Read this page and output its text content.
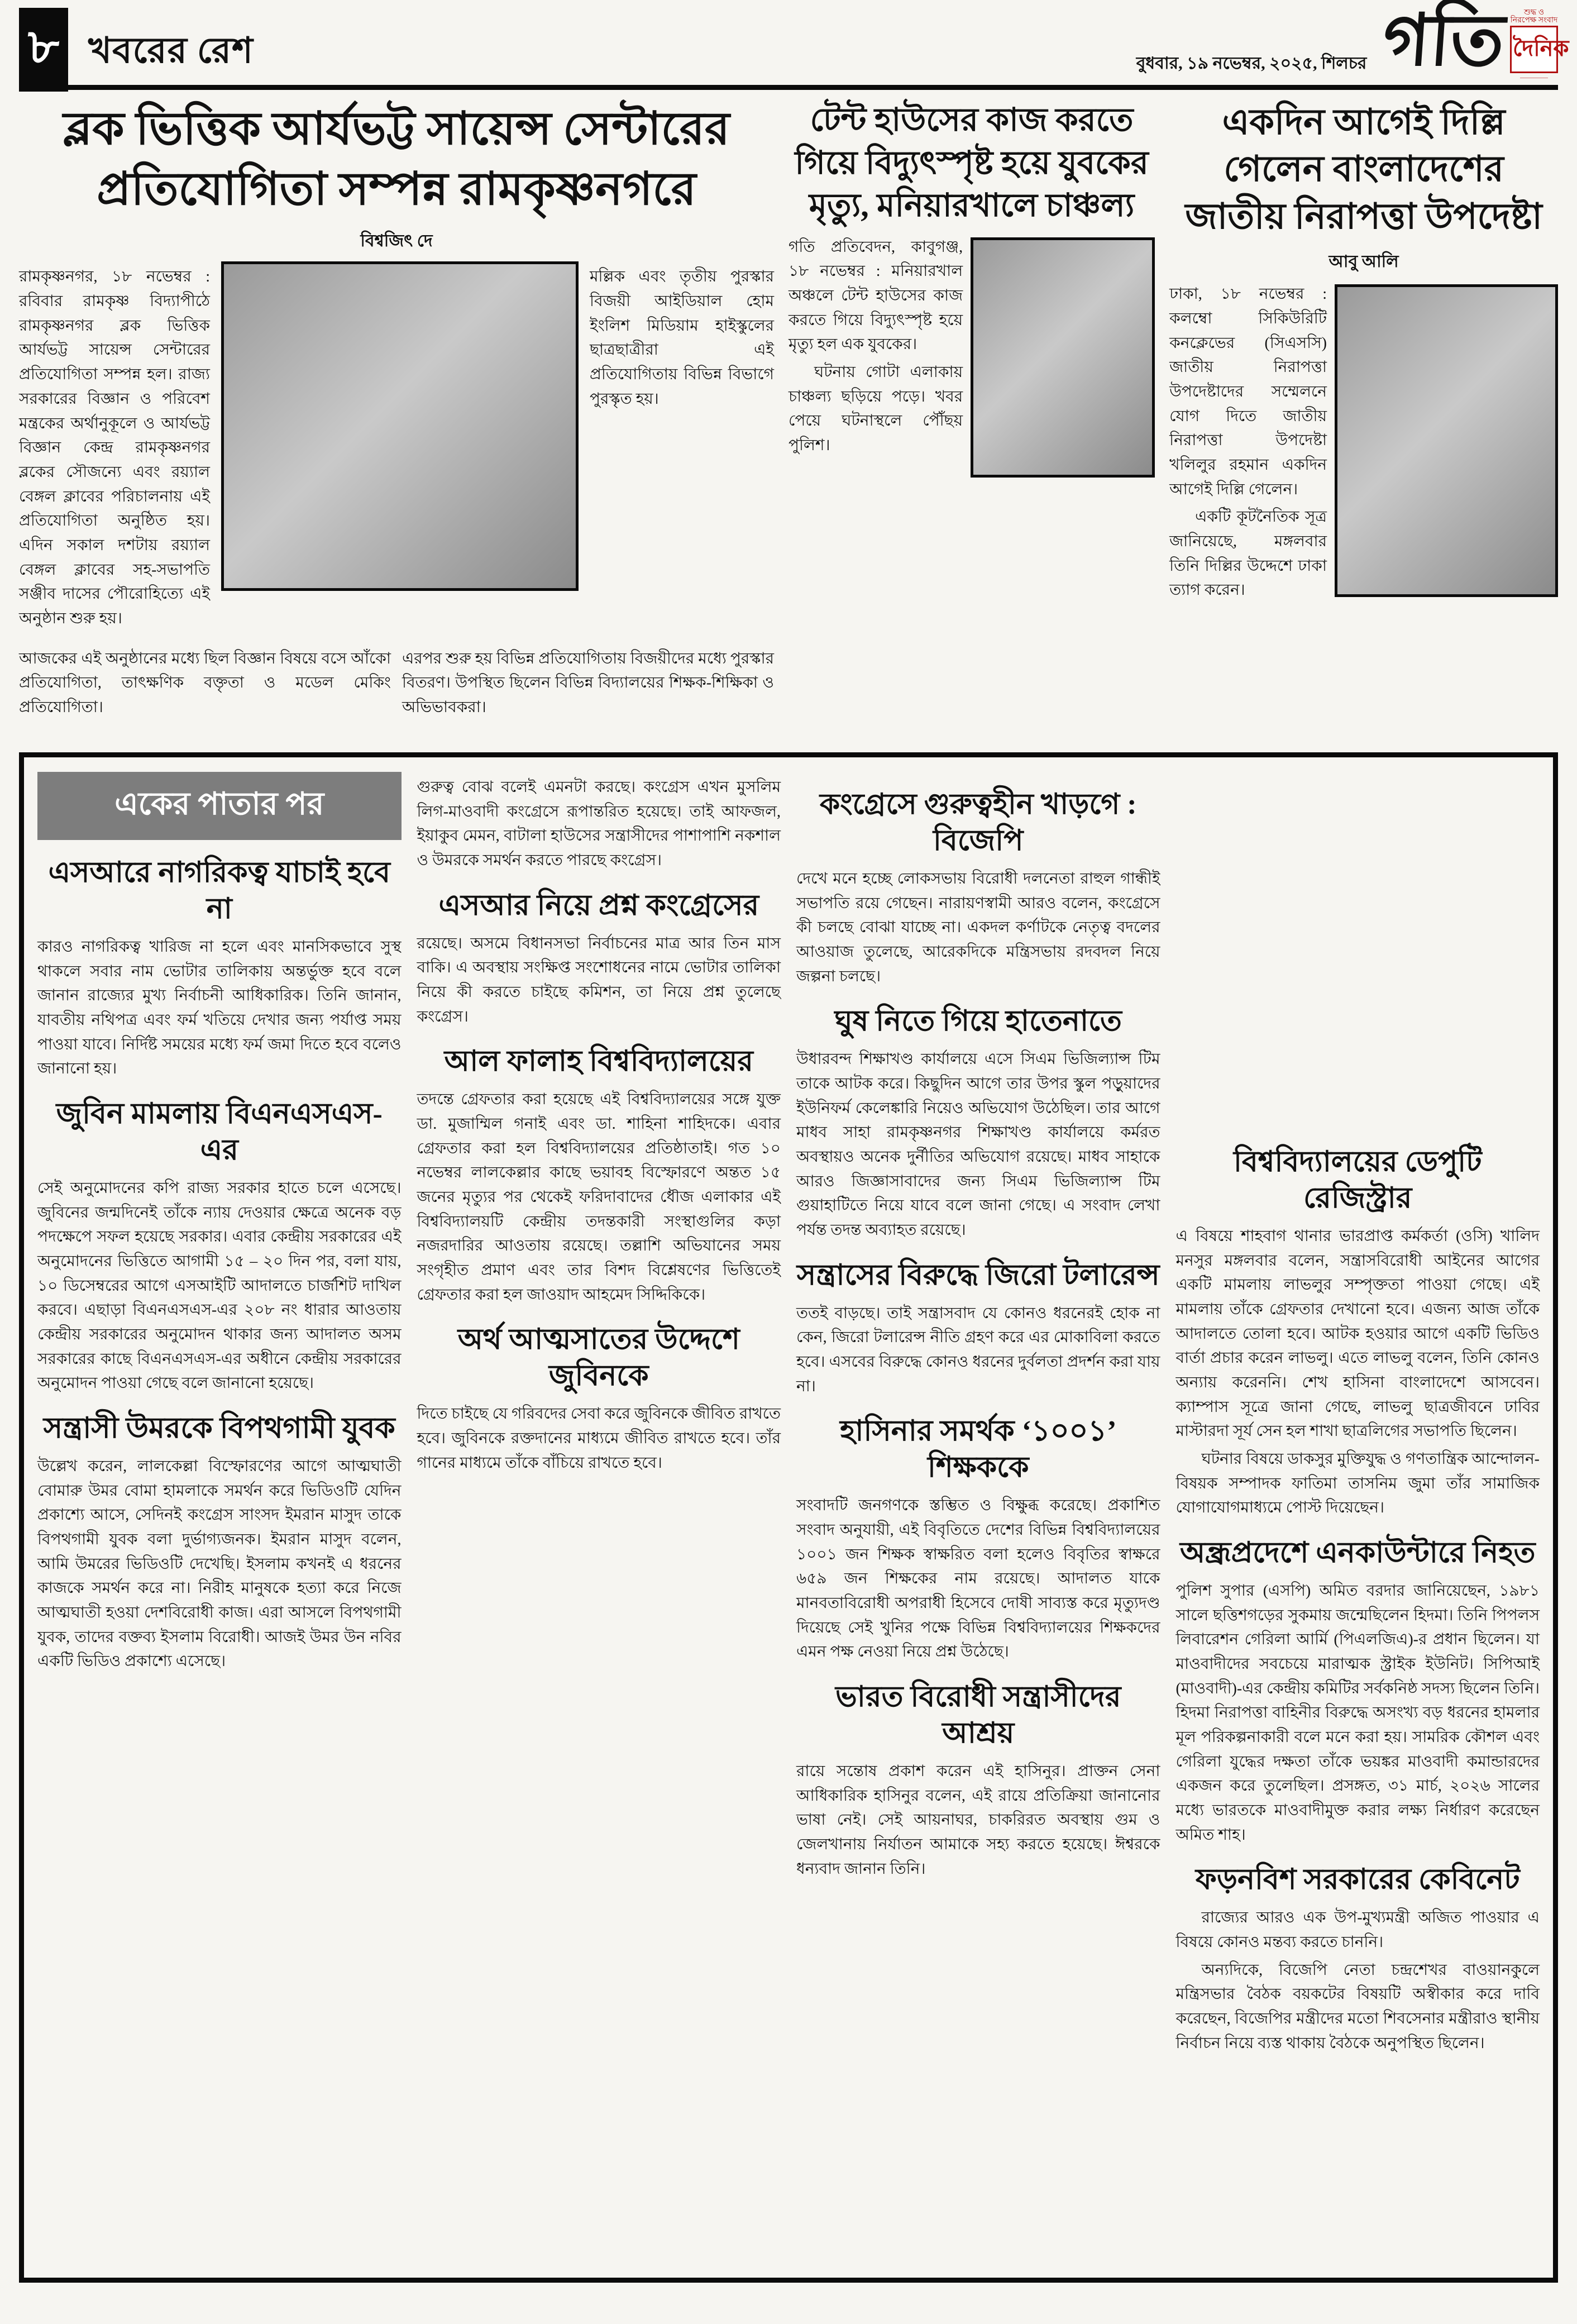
৮ খবরের রেশ	বুধবার, ১৯ নভেম্বর, ২০২৫, শিলচর গতি	শুদ্ধ ও নিরপেক্ষ সংবাদ
দৈনিক
—————
ব্লক ভিত্তিক আর্যভট্ট সায়েন্স সেন্টারের প্রতিযোগিতা সম্পন্ন রামকৃষ্ণনগরে
বিশ্বজিৎ দে

রামকৃষ্ণনগর, ১৮ নভেম্বর : রবিবার রামকৃষ্ণ বিদ্যাপীঠে রামকৃষ্ণনগর ব্লক ভিত্তিক আর্যভট্ট সায়েন্স সেন্টারের প্রতিযোগিতা সম্পন্ন হল। রাজ্য সরকারের বিজ্ঞান ও পরিবেশ মন্ত্রকের অর্থানুকূলে ও আর্যভট্ট বিজ্ঞান কেন্দ্র রামকৃষ্ণনগর ব্লকের সৌজন্যে এবং রয়্যাল বেঙ্গল ক্লাবের পরিচালনায় এই প্রতিযোগিতা অনুষ্ঠিত হয়। এদিন সকাল দশটায় রয়্যাল বেঙ্গল ক্লাবের সহ-সভাপতি সঞ্জীব দাসের পৌরোহিত্যে এই অনুষ্ঠান শুরু হয়।

মল্লিক এবং তৃতীয় পুরস্কার বিজয়ী আইডিয়াল হোম ইংলিশ মিডিয়াম হাইস্কুলের ছাত্রছাত্রীরা এই প্রতিযোগিতায় বিভিন্ন বিভাগে পুরস্কৃত হয়।

আজকের এই অনুষ্ঠানের মধ্যে ছিল বিজ্ঞান বিষয়ে বসে আঁকো প্রতিযোগিতা, তাৎক্ষণিক বক্তৃতা ও মডেল মেকিং প্রতিযোগিতা।

এরপর শুরু হয় বিভিন্ন প্রতিযোগিতায় বিজয়ীদের মধ্যে পুরস্কার বিতরণ। উপস্থিত ছিলেন বিভিন্ন বিদ্যালয়ের শিক্ষক-শিক্ষিকা ও অভিভাবকরা।

টেন্ট হাউসের কাজ করতে গিয়ে বিদ্যুৎস্পৃষ্ট হয়ে যুবকের মৃত্যু, মনিয়ারখালে চাঞ্চল্য

গতি প্রতিবেদন, কাবুগঞ্জ, ১৮ নভেম্বর : মনিয়ারখাল অঞ্চলে টেন্ট হাউসের কাজ করতে গিয়ে বিদ্যুৎস্পৃষ্ট হয়ে মৃত্যু হল এক যুবকের।

ঘটনায় গোটা এলাকায় চাঞ্চল্য ছড়িয়ে পড়ে। খবর পেয়ে ঘটনাস্থলে পৌঁছয় পুলিশ।

একদিন আগেই দিল্লি গেলেন বাংলাদেশের জাতীয় নিরাপত্তা উপদেষ্টা
আবু আলি

ঢাকা, ১৮ নভেম্বর : কলম্বো সিকিউরিটি কনক্লেভের (সিএসসি) জাতীয় নিরাপত্তা উপদেষ্টাদের সম্মেলনে যোগ দিতে জাতীয় নিরাপত্তা উপদেষ্টা খলিলুর রহমান একদিন আগেই দিল্লি গেলেন।

একটি কূটনৈতিক সূত্র জানিয়েছে, মঙ্গলবার তিনি দিল্লির উদ্দেশে ঢাকা ত্যাগ করেন।

একের পাতার পর
এসআরে নাগরিকত্ব যাচাই হবে না

কারও নাগরিকত্ব খারিজ না হলে এবং মানসিকভাবে সুস্থ থাকলে সবার নাম ভোটার তালিকায় অন্তর্ভুক্ত হবে বলে জানান রাজ্যের মুখ্য নির্বাচনী আধিকারিক। তিনি জানান, যাবতীয় নথিপত্র এবং ফর্ম খতিয়ে দেখার জন্য পর্যাপ্ত সময় পাওয়া যাবে। নির্দিষ্ট সময়ের মধ্যে ফর্ম জমা দিতে হবে বলেও জানানো হয়।

জুবিন মামলায় বিএনএসএস-এর

সেই অনুমোদনের কপি রাজ্য সরকার হাতে চলে এসেছে। জুবিনের জন্মদিনেই তাঁকে ন্যায় দেওয়ার ক্ষেত্রে অনেক বড় পদক্ষেপে সফল হয়েছে সরকার। এবার কেন্দ্রীয় সরকারের এই অনুমোদনের ভিত্তিতে আগামী ১৫ – ২০ দিন পর, বলা যায়, ১০ ডিসেম্বরের আগে এসআইটি আদালতে চার্জশিট দাখিল করবে। এছাড়া বিএনএসএস-এর ২০৮ নং ধারার আওতায় কেন্দ্রীয় সরকারের অনুমোদন থাকার জন্য আদালত অসম সরকারের কাছে বিএনএসএস-এর অধীনে কেন্দ্রীয় সরকারের অনুমোদন পাওয়া গেছে বলে জানানো হয়েছে।

সন্ত্রাসী উমরকে বিপথগামী যুবক

উল্লেখ করেন, লালকেল্লা বিস্ফোরণের আগে আত্মঘাতী বোমারু উমর বোমা হামলাকে সমর্থন করে ভিডিওটি যেদিন প্রকাশ্যে আসে, সেদিনই কংগ্রেস সাংসদ ইমরান মাসুদ তাকে বিপথগামী যুবক বলা দুর্ভাগ্যজনক। ইমরান মাসুদ বলেন, আমি উমরের ভিডিওটি দেখেছি। ইসলাম কখনই এ ধরনের কাজকে সমর্থন করে না। নিরীহ মানুষকে হত্যা করে নিজে আত্মঘাতী হওয়া দেশবিরোধী কাজ। এরা আসলে বিপথগামী যুবক, তাদের বক্তব্য ইসলাম বিরোধী। আজই উমর উন নবির একটি ভিডিও প্রকাশ্যে এসেছে।

গুরুত্ব বোঝ বলেই এমনটা করছে। কংগ্রেস এখন মুসলিম লিগ-মাওবাদী কংগ্রেসে রূপান্তরিত হয়েছে। তাই আফজল, ইয়াকুব মেমন, বাটালা হাউসের সন্ত্রাসীদের পাশাপাশি নকশাল ও উমরকে সমর্থন করতে পারছে কংগ্রেস।

এসআর নিয়ে প্রশ্ন কংগ্রেসের

রয়েছে। অসমে বিধানসভা নির্বাচনের মাত্র আর তিন মাস বাকি। এ অবস্থায় সংক্ষিপ্ত সংশোধনের নামে ভোটার তালিকা নিয়ে কী করতে চাইছে কমিশন, তা নিয়ে প্রশ্ন তুলেছে কংগ্রেস।

আল ফালাহ বিশ্ববিদ্যালয়ের

তদন্তে গ্রেফতার করা হয়েছে এই বিশ্ববিদ্যালয়ের সঙ্গে যুক্ত ডা. মুজাম্মিল গনাই এবং ডা. শাহিনা শাহিদকে। এবার গ্রেফতার করা হল বিশ্ববিদ্যালয়ের প্রতিষ্ঠাতাই। গত ১০ নভেম্বর লালকেল্লার কাছে ভয়াবহ বিস্ফোরণে অন্তত ১৫ জনের মৃত্যুর পর থেকেই ফরিদাবাদের ধৌজ এলাকার এই বিশ্ববিদ্যালয়টি কেন্দ্রীয় তদন্তকারী সংস্থাগুলির কড়া নজরদারির আওতায় রয়েছে। তল্লাশি অভিযানের সময় সংগৃহীত প্রমাণ এবং তার বিশদ বিশ্লেষণের ভিত্তিতেই গ্রেফতার করা হল জাওয়াদ আহমেদ সিদ্দিকিকে।

অর্থ আত্মসাতের উদ্দেশে জুবিনকে

দিতে চাইছে যে গরিবদের সেবা করে জুবিনকে জীবিত রাখতে হবে। জুবিনকে রক্তদানের মাধ্যমে জীবিত রাখতে হবে। তাঁর গানের মাধ্যমে তাঁকে বাঁচিয়ে রাখতে হবে।

কংগ্রেসে গুরুত্বহীন খাড়গে : বিজেপি

দেখে মনে হচ্ছে লোকসভায় বিরোধী দলনেতা রাহুল গান্ধীই সভাপতি রয়ে গেছেন। নারায়ণস্বামী আরও বলেন, কংগ্রেসে কী চলছে বোঝা যাচ্ছে না। একদল কর্ণাটকে নেতৃত্ব বদলের আওয়াজ তুলেছে, আরেকদিকে মন্ত্রিসভায় রদবদল নিয়ে জল্পনা চলছে।

ঘুষ নিতে গিয়ে হাতেনাতে

উধারবন্দ শিক্ষাখণ্ড কার্যালয়ে এসে সিএম ভিজিল্যান্স টিম তাকে আটক করে। কিছুদিন আগে তার উপর স্কুল পড়ুয়াদের ইউনিফর্ম কেলেঙ্কারি নিয়েও অভিযোগ উঠেছিল। তার আগে মাধব সাহা রামকৃষ্ণনগর শিক্ষাখণ্ড কার্যালয়ে কর্মরত অবস্থায়ও অনেক দুর্নীতির অভিযোগ রয়েছে। মাধব সাহাকে আরও জিজ্ঞাসাবাদের জন্য সিএম ভিজিল্যান্স টিম গুয়াহাটিতে নিয়ে যাবে বলে জানা গেছে। এ সংবাদ লেখা পর্যন্ত তদন্ত অব্যাহত রয়েছে।

সন্ত্রাসের বিরুদ্ধে জিরো টলারেন্স

ততই বাড়ছে। তাই সন্ত্রাসবাদ যে কোনও ধরনেরই হোক না কেন, জিরো টলারেন্স নীতি গ্রহণ করে এর মোকাবিলা করতে হবে। এসবের বিরুদ্ধে কোনও ধরনের দুর্বলতা প্রদর্শন করা যায় না।

হাসিনার সমর্থক ‘১০০১’ শিক্ষককে

সংবাদটি জনগণকে স্তম্ভিত ও বিক্ষুব্ধ করেছে। প্রকাশিত সংবাদ অনুযায়ী, এই বিবৃতিতে দেশের বিভিন্ন বিশ্ববিদ্যালয়ের ১০০১ জন শিক্ষক স্বাক্ষরিত বলা হলেও বিবৃতির স্বাক্ষরে ৬৫৯ জন শিক্ষকের নাম রয়েছে। আদালত যাকে মানবতাবিরোধী অপরাধী হিসেবে দোষী সাব্যস্ত করে মৃত্যুদণ্ড দিয়েছে সেই খুনির পক্ষে বিভিন্ন বিশ্ববিদ্যালয়ের শিক্ষকদের এমন পক্ষ নেওয়া নিয়ে প্রশ্ন উঠেছে।

ভারত বিরোধী সন্ত্রাসীদের আশ্রয়

রায়ে সন্তোষ প্রকাশ করেন এই হাসিনুর। প্রাক্তন সেনা আধিকারিক হাসিনুর বলেন, এই রায়ে প্রতিক্রিয়া জানানোর ভাষা নেই। সেই আয়নাঘর, চাকরিরত অবস্থায় গুম ও জেলখানায় নির্যাতন আমাকে সহ্য করতে হয়েছে। ঈশ্বরকে ধন্যবাদ জানান তিনি।

বিশ্ববিদ্যালয়ের ডেপুটি রেজিস্ট্রার

এ বিষয়ে শাহবাগ থানার ভারপ্রাপ্ত কর্মকর্তা (ওসি) খালিদ মনসুর মঙ্গলবার বলেন, সন্ত্রাসবিরোধী আইনের আগের একটি মামলায় লাভলুর সম্পৃক্ততা পাওয়া গেছে। এই মামলায় তাঁকে গ্রেফতার দেখানো হবে। এজন্য আজ তাঁকে আদালতে তোলা হবে। আটক হওয়ার আগে একটি ভিডিও বার্তা প্রচার করেন লাভলু। এতে লাভলু বলেন, তিনি কোনও অন্যায় করেননি। শেখ হাসিনা বাংলাদেশে আসবেন। ক্যাম্পাস সূত্রে জানা গেছে, লাভলু ছাত্রজীবনে ঢাবির মাস্টারদা সূর্য সেন হল শাখা ছাত্রলিগের সভাপতি ছিলেন।

ঘটনার বিষয়ে ডাকসুর মুক্তিযুদ্ধ ও গণতান্ত্রিক আন্দোলন-বিষয়ক সম্পাদক ফাতিমা তাসনিম জুমা তাঁর সামাজিক যোগাযোগমাধ্যমে পোস্ট দিয়েছেন।

অন্ধ্রপ্রদেশে এনকাউন্টারে নিহত

পুলিশ সুপার (এসপি) অমিত বরদার জানিয়েছেন, ১৯৮১ সালে ছত্তিশগড়ের সুকমায় জন্মেছিলেন হিদমা। তিনি পিপলস লিবারেশন গেরিলা আর্মি (পিএলজিএ)-র প্রধান ছিলেন। যা মাওবাদীদের সবচেয়ে মারাত্মক স্ট্রাইক ইউনিট। সিপিআই (মাওবাদী)-এর কেন্দ্রীয় কমিটির সর্বকনিষ্ঠ সদস্য ছিলেন তিনি। হিদমা নিরাপত্তা বাহিনীর বিরুদ্ধে অসংখ্য বড় ধরনের হামলার মূল পরিকল্পনাকারী বলে মনে করা হয়। সামরিক কৌশল এবং গেরিলা যুদ্ধের দক্ষতা তাঁকে ভয়ঙ্কর মাওবাদী কমান্ডারদের একজন করে তুলেছিল। প্রসঙ্গত, ৩১ মার্চ, ২০২৬ সালের মধ্যে ভারতকে মাওবাদীমুক্ত করার লক্ষ্য নির্ধারণ করেছেন অমিত শাহ।

ফড়নবিশ সরকারের কেবিনেট

রাজ্যের আরও এক উপ-মুখ্যমন্ত্রী অজিত পাওয়ার এ বিষয়ে কোনও মন্তব্য করতে চাননি।

অন্যদিকে, বিজেপি নেতা চন্দ্রশেখর বাওয়ানকুলে মন্ত্রিসভার বৈঠক বয়কটের বিষয়টি অস্বীকার করে দাবি করেছেন, বিজেপির মন্ত্রীদের মতো শিবসেনার মন্ত্রীরাও স্থানীয় নির্বাচন নিয়ে ব্যস্ত থাকায় বৈঠকে অনুপস্থিত ছিলেন।
